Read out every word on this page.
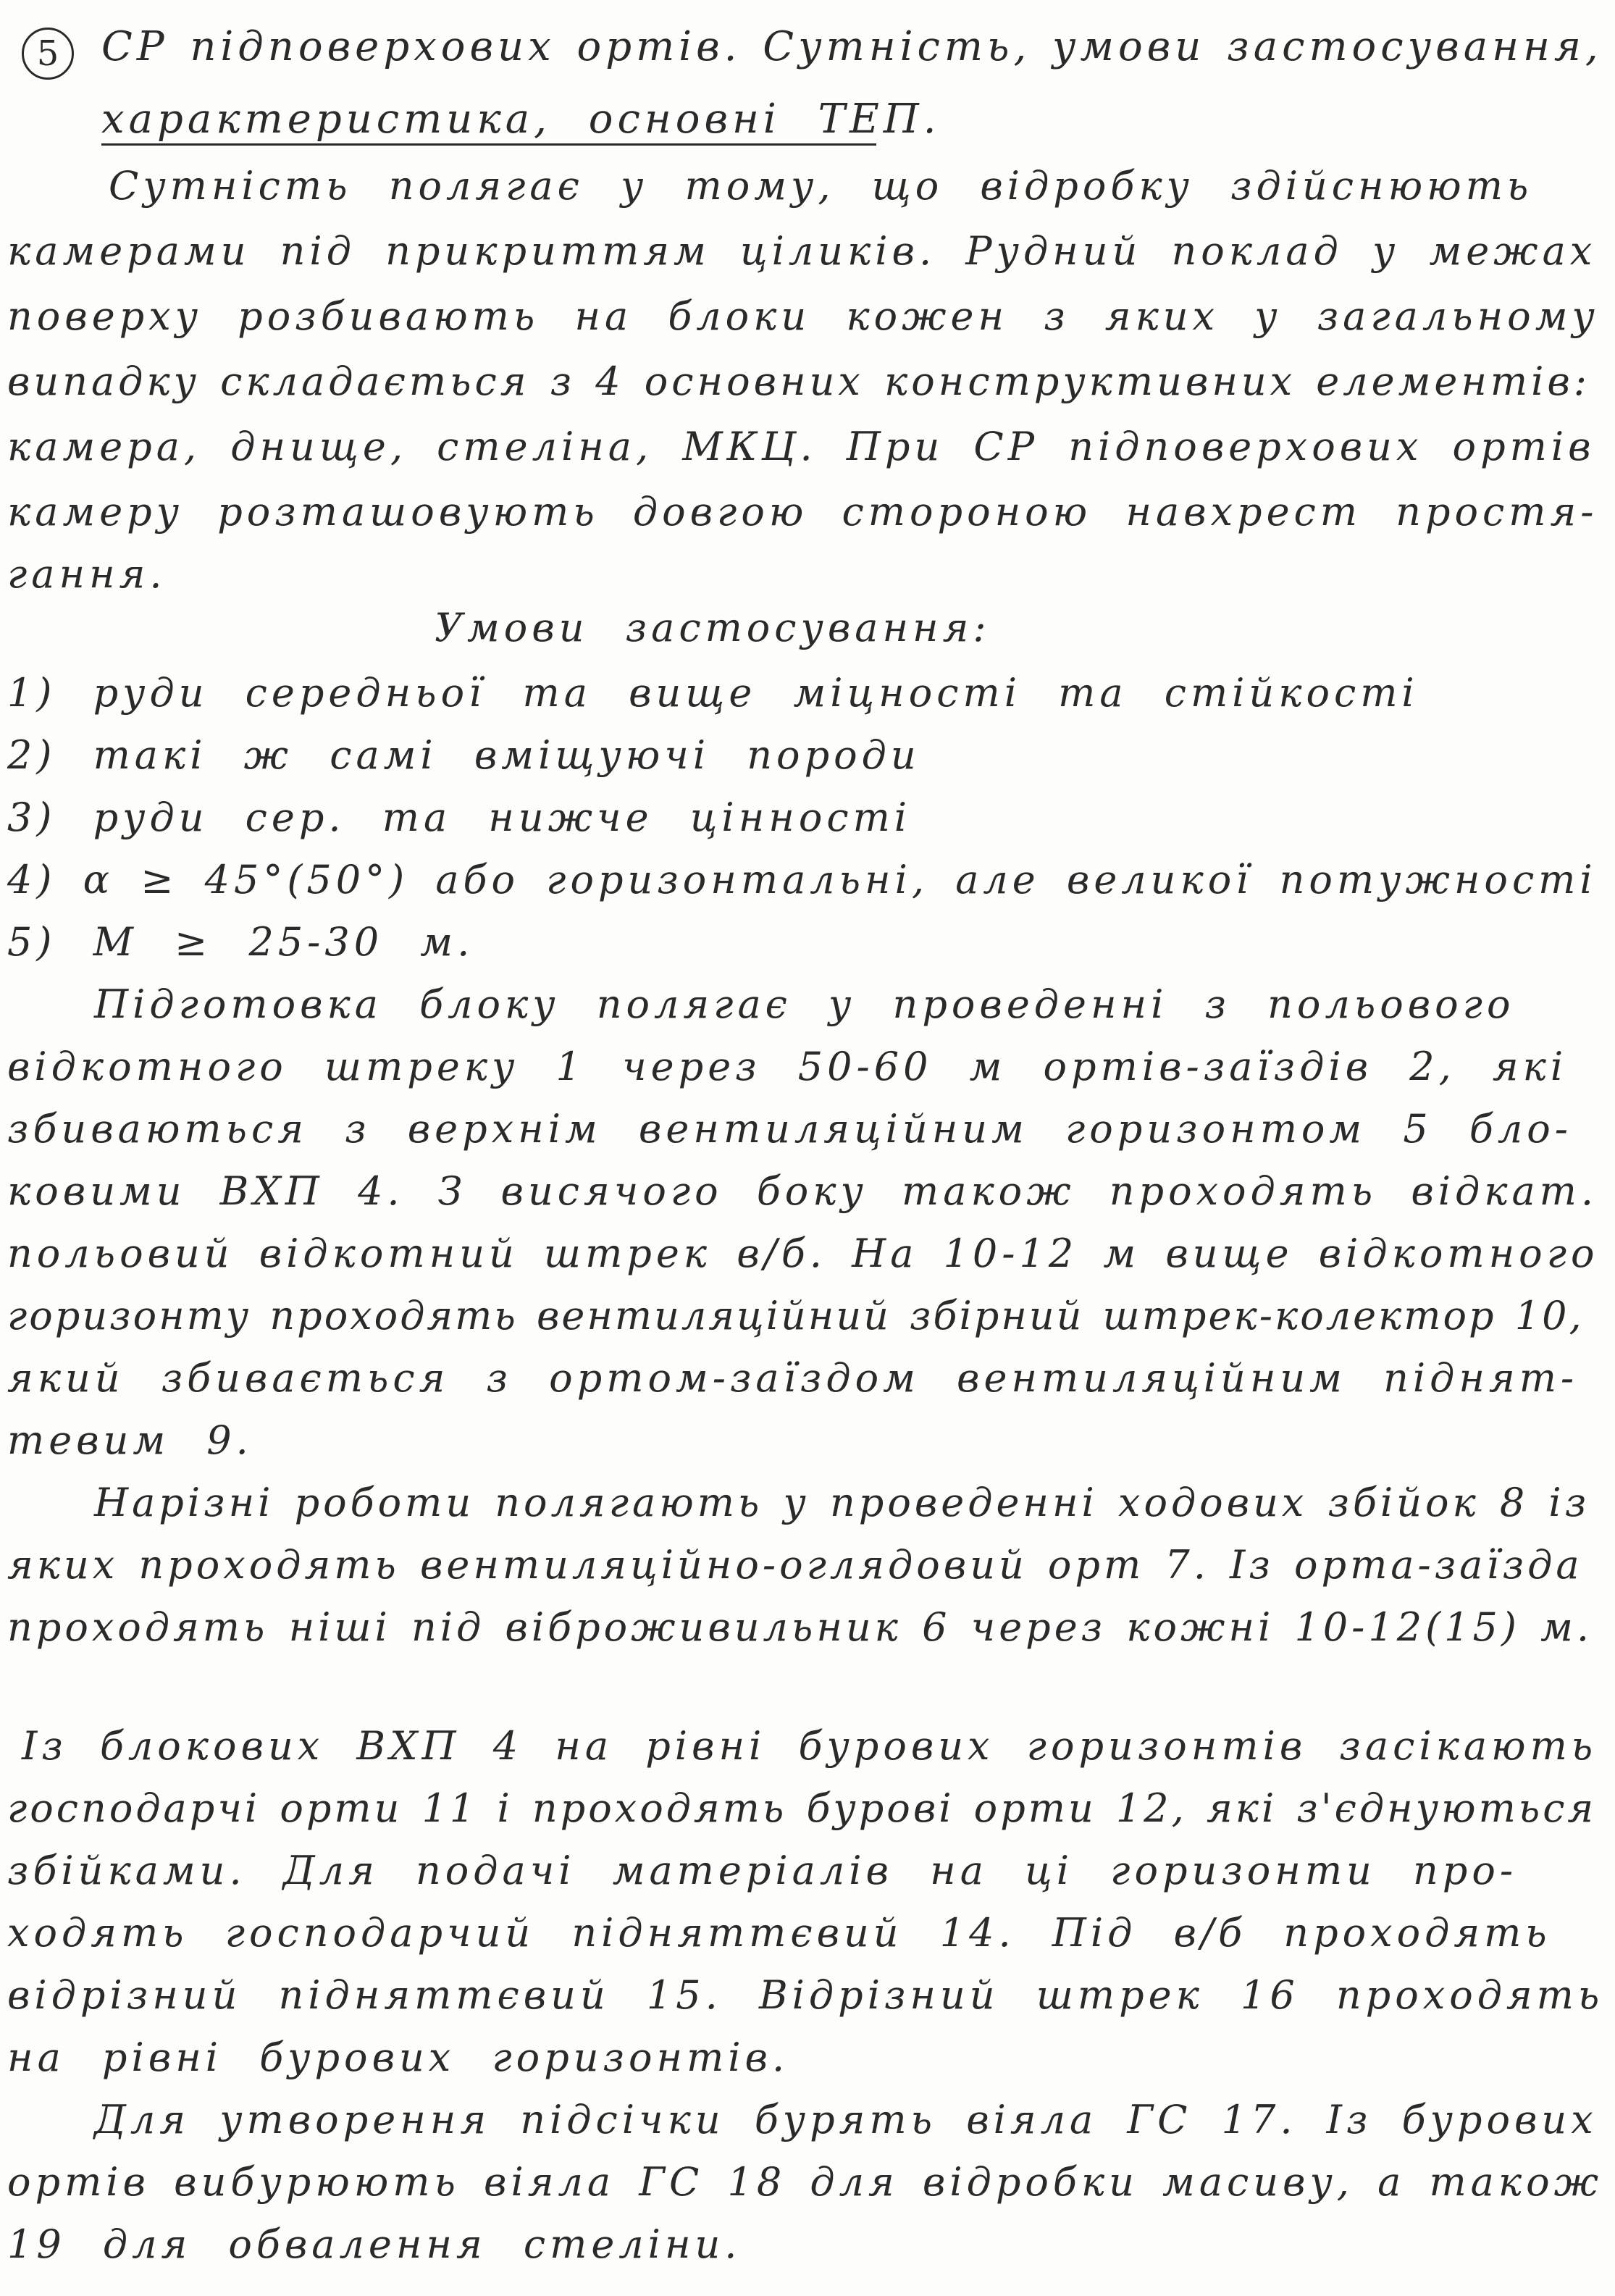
5	СР підповерхових ортів. Сутність, умови застосування,
характеристика, основні ТЕП.
Сутність полягає у тому, що відробку здійснюють
камерами під прикриттям ціликів. Рудний поклад у межах
поверху розбивають на блоки кожен з яких у загальному
випадку складається з 4 основних конструктивних елементів:
камера, днище, стеліна, МКЦ. При СР підповерхових ортів
камеру розташовують довгою стороною навхрест простя-
гання.
Умови застосування:
1) руди середньої та вище міцності та стійкості
2) такі ж самі вміщуючі породи
3) руди сер. та нижче цінності
4) α ≥ 45°(50°) або горизонтальні, але великої потужності
5) M ≥ 25-30 м.
Підготовка блоку полягає у проведенні з польового
відкотного штреку 1 через 50-60 м ортів-заїздів 2, які
збиваються з верхнім вентиляційним горизонтом 5 бло-
ковими ВХП 4. З висячого боку також проходять відкат.
польовий відкотний штрек в/б. На 10-12 м вище відкотного
горизонту проходять вентиляційний збірний штрек-колектор 10,
який збивається з ортом-заїздом вентиляційним піднят-
тевим 9.
Нарізні роботи полягають у проведенні ходових збійок 8 із
яких проходять вентиляційно-оглядовий орт 7. Із орта-заїзда
проходять ніші під віброживильник 6 через кожні 10-12(15) м.
Із блокових ВХП 4 на рівні бурових горизонтів засікають
господарчі орти 11 і проходять бурові орти 12, які з'єднуються
збійками. Для подачі матеріалів на ці горизонти про-
ходять господарчий підняттєвий 14. Під в/б проходять
відрізний підняттєвий 15. Відрізний штрек 16 проходять
на рівні бурових горизонтів.
Для утворення підсічки бурять віяла ГС 17. Із бурових
ортів вибурюють віяла ГС 18 для відробки масиву, а також
19 для обвалення стеліни.
